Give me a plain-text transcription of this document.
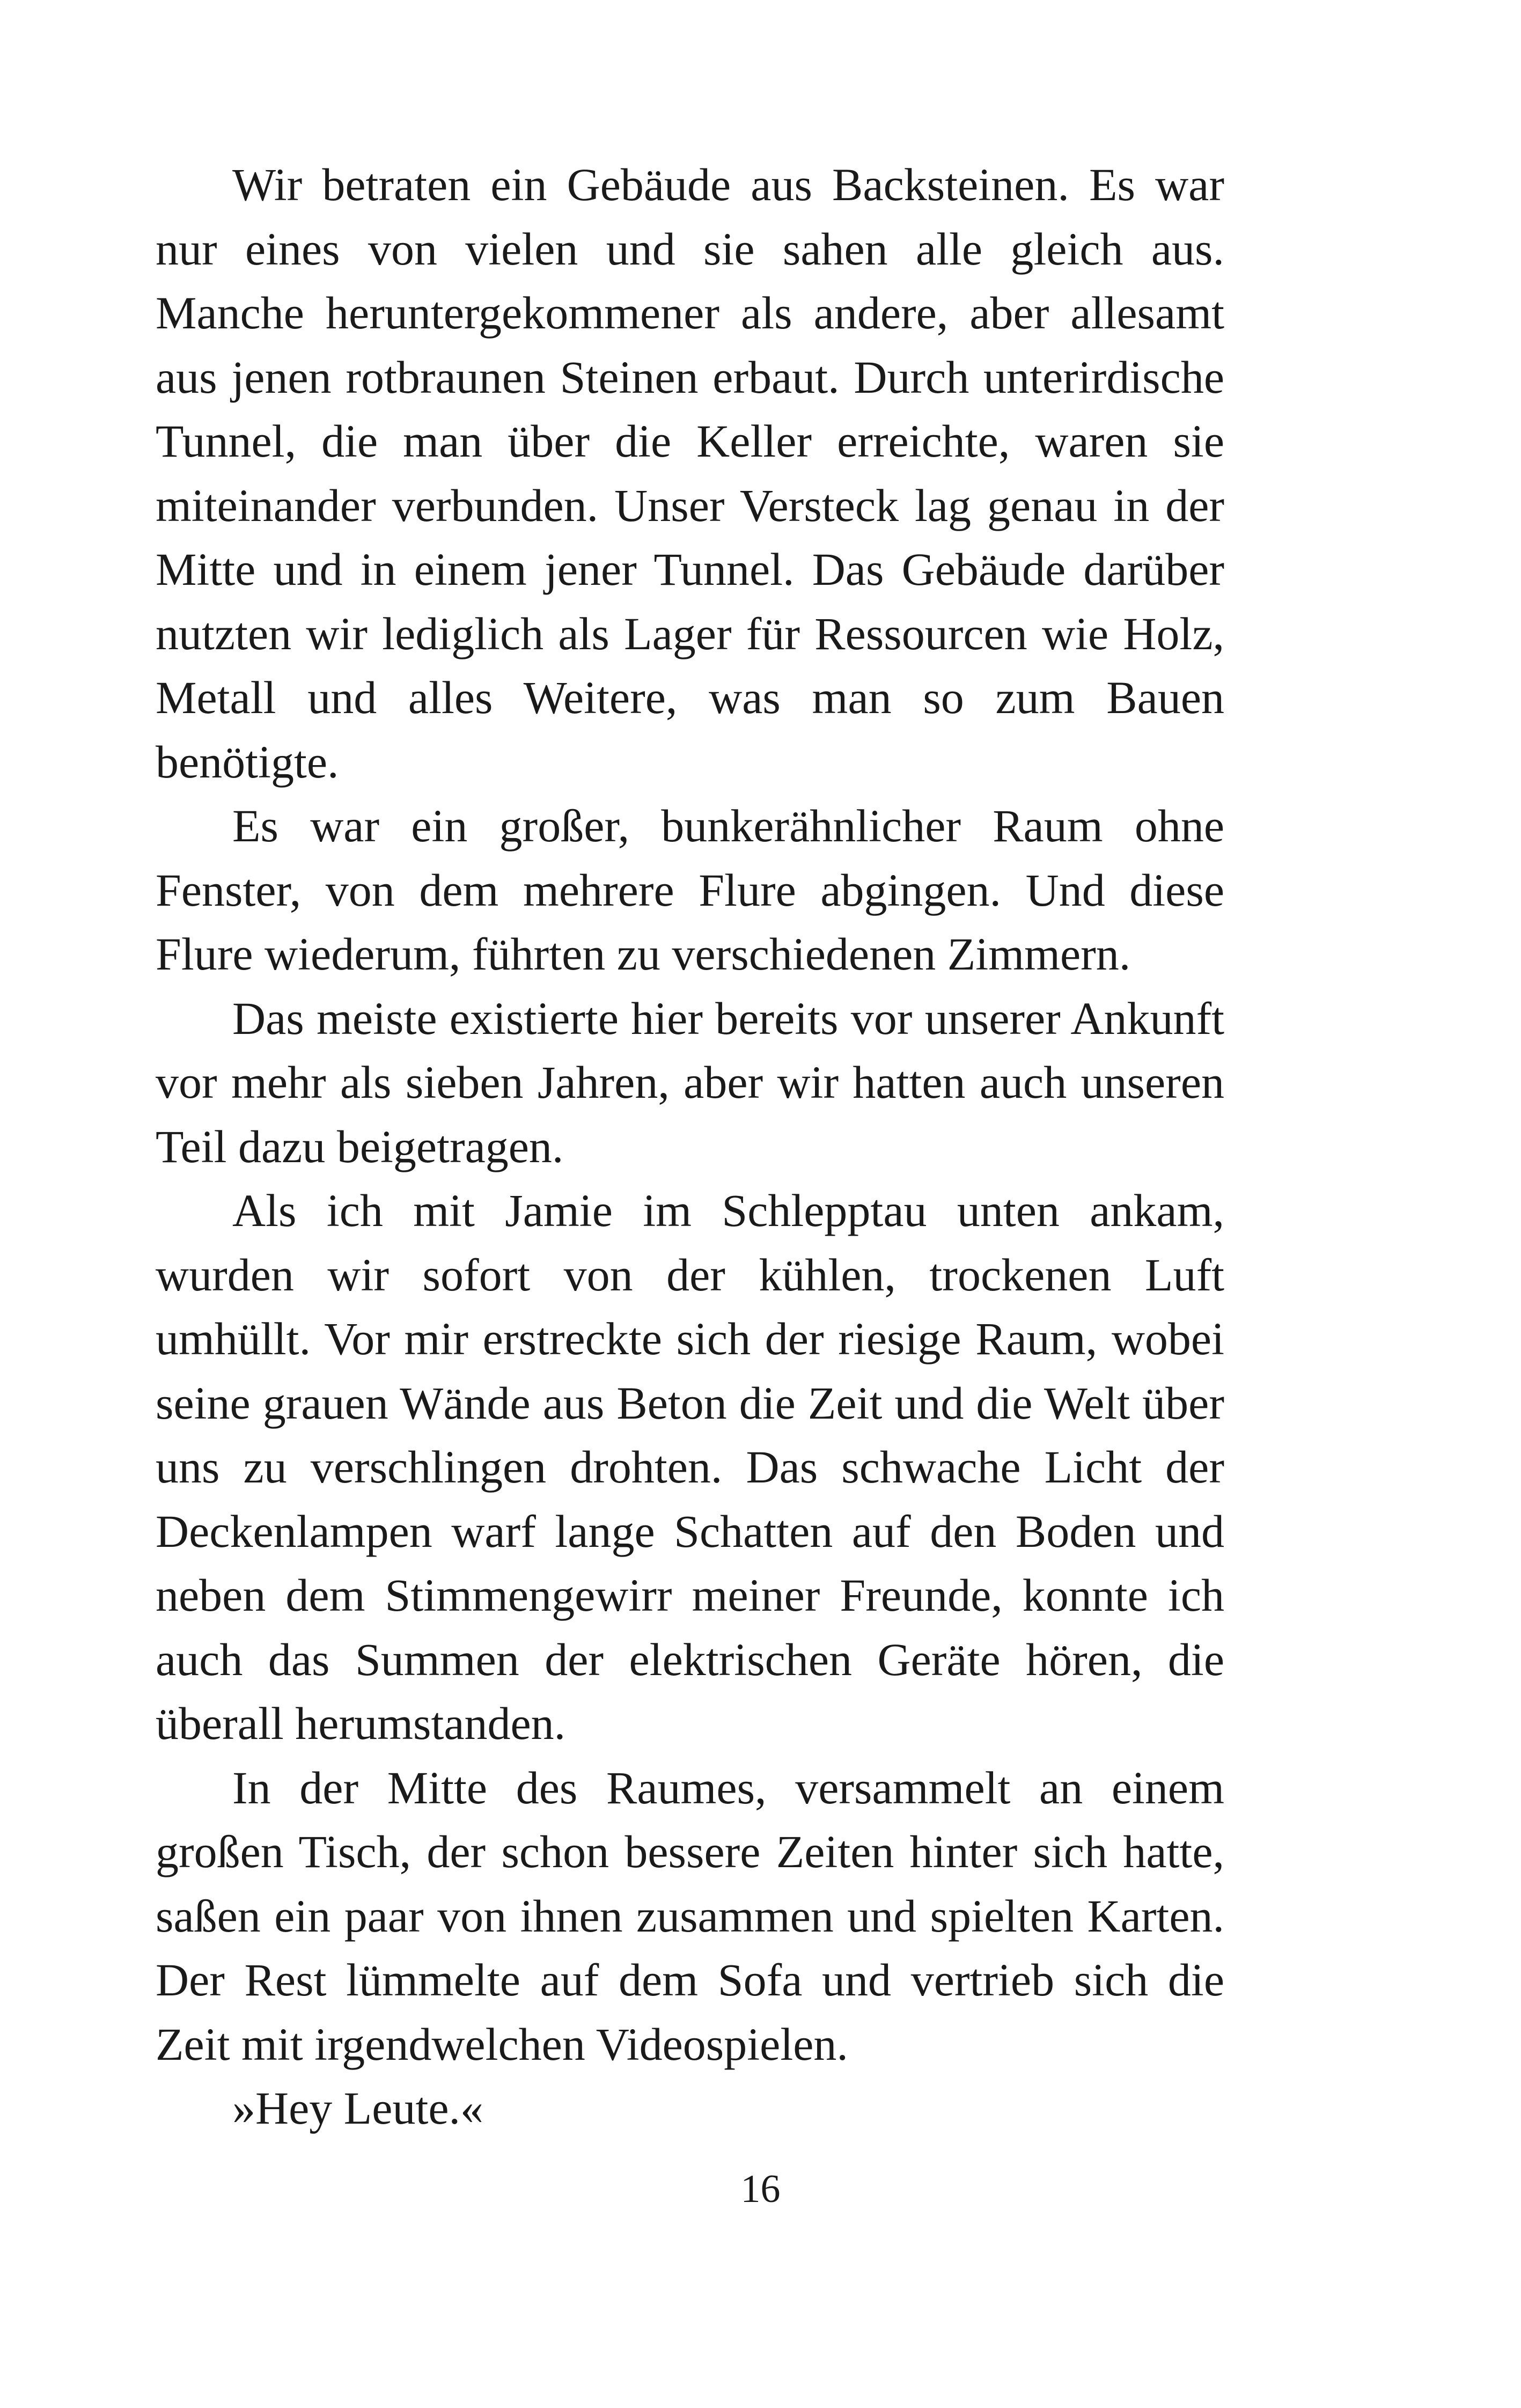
Wir betraten ein Gebäude aus Backsteinen. Es war nur eines von vielen und sie sahen alle gleich aus. Manche heruntergekommener als andere, aber allesamt aus jenen rotbraunen Steinen erbaut. Durch unterirdische Tunnel, die man über die Keller erreichte, waren sie miteinander verbunden. Unser Versteck lag genau in der Mitte und in einem jener Tunnel. Das Gebäude darüber nutzten wir lediglich als Lager für Ressourcen wie Holz, Metall und alles Weitere, was man so zum Bauen benötigte.

Es war ein großer, bunkerähnlicher Raum ohne Fenster, von dem mehrere Flure abgingen. Und diese Flure wiederum, führten zu verschiedenen Zimmern.

Das meiste existierte hier bereits vor unserer Ankunft vor mehr als sieben Jahren, aber wir hatten auch unseren Teil dazu beigetragen.

Als ich mit Jamie im Schlepptau unten ankam, wurden wir sofort von der kühlen, trockenen Luft umhüllt. Vor mir erstreckte sich der riesige Raum, wobei seine grauen Wände aus Beton die Zeit und die Welt über uns zu verschlingen drohten. Das schwache Licht der Deckenlampen warf lange Schatten auf den Boden und neben dem Stimmengewirr meiner Freunde, konnte ich auch das Summen der elektrischen Geräte hören, die überall herumstanden.

In der Mitte des Raumes, versammelt an einem großen Tisch, der schon bessere Zeiten hinter sich hatte, saßen ein paar von ihnen zusammen und spielten Karten. Der Rest lümmelte auf dem Sofa und vertrieb sich die Zeit mit irgendwelchen Videospielen.

»Hey Leute.«

16
